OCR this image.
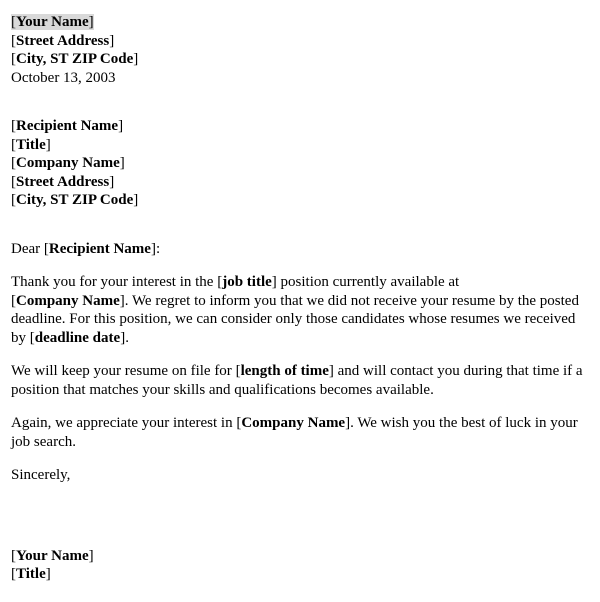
[Your Name]
[Street Address]
[City, ST ZIP Code]
October 13, 2003
[Recipient Name]
[Title]
[Company Name]
[Street Address]
[City, ST ZIP Code]

Dear [Recipient Name]:

Thank you for your interest in the [job title] position currently available at
[Company Name]. We regret to inform you that we did not receive your resume by the posted deadline. For this position, we can consider only those candidates whose resumes we received by [deadline date].

We will keep your resume on file for [length of time] and will contact you during that time if a position that matches your skills and qualifications becomes available.

Again, we appreciate your interest in [Company Name]. We wish you the best of luck in your job search.

Sincerely,

[Your Name]
[Title]
